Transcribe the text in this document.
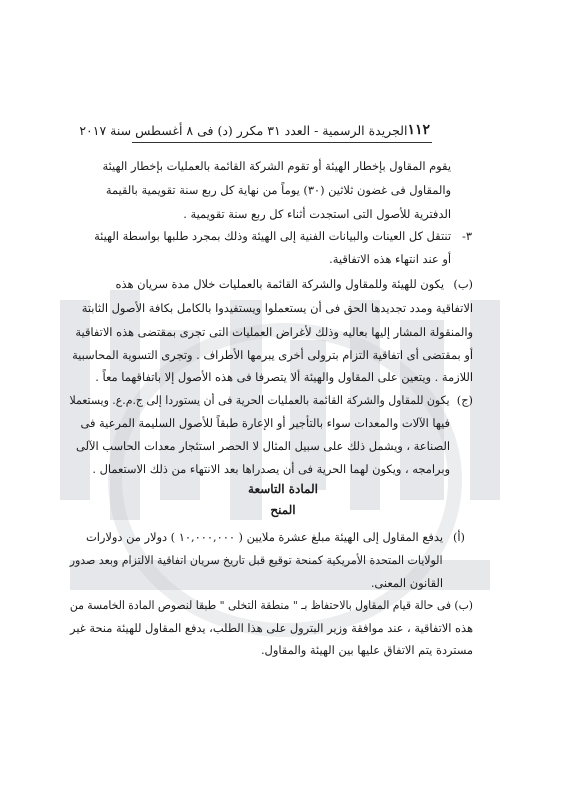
١١٢
الجريدة الرسمية - العدد ٣١ مكرر (د) فى ٨ أغسطس سنة ٢٠١٧
يقوم المقاول بإخطار الهيئة أو تقوم الشركة القائمة بالعمليات بإخطار الهيئة
والمقاول فى غضون ثلاثين (٣٠) يوماً من نهاية كل ربع سنة تقويمية بالقيمة
الدفترية للأصول التى استجدت أثناء كل ربع سنة تقويمية .
٣-
تنتقل كل العينات والبيانات الفنية إلى الهيئة وذلك بمجرد طلبها بواسطة الهيئة
أو عند انتهاء هذه الاتفاقية.
(ب)
يكون للهيئة وللمقاول والشركة القائمة بالعمليات خلال مدة سريان هذه
الاتفاقية ومدد تجديدها الحق فى أن يستعملوا ويستفيدوا بالكامل بكافة الأصول الثابتة
والمنقولة المشار إليها بعاليه وذلك لأغراض العمليات التى تجرى بمقتضى هذه الاتفاقية
أو بمقتضى أى اتفاقية التزام بترولى أخرى يبرمها الأطراف . وتجرى التسوية المحاسبية
اللازمة . ويتعين على المقاول والهيئة ألا يتصرفا فى هذه الأصول إلا باتفاقهما معاً .
(ج)
يكون للمقاول والشركة القائمة بالعمليات الحرية فى أن يستوردا إلى ج.م.ع. ويستعملا
فيها الآلات والمعدات سواء بالتأجير أو الإعارة طبقاً للأصول السليمة المرعية فى
الصناعة ، ويشمل ذلك على سبيل المثال لا الحصر استئجار معدات الحاسب الآلى
وبرامجه ، ويكون لهما الحرية فى أن يصدراها بعد الانتهاء من ذلك الاستعمال .
المادة التاسعة
المنح
(أ)
يدفع المقاول إلى الهيئة مبلغ عشرة ملايين ( ١٠,٠٠٠,٠٠٠ ) دولار من دولارات
الولايات المتحدة الأمريكية كمنحة توقيع قبل تاريخ سريان اتفاقية الالتزام وبعد صدور
القانون المعنى.
(ب) فى حالة قيام المقاول بالاحتفاظ بـ " منطقة التخلى " طبقا لنصوص المادة الخامسة من
هذه الاتفاقية ، عند موافقة وزير البترول على هذا الطلب، يدفع المقاول للهيئة منحة غير
مستردة يتم الاتفاق عليها بين الهيئة والمقاول.
